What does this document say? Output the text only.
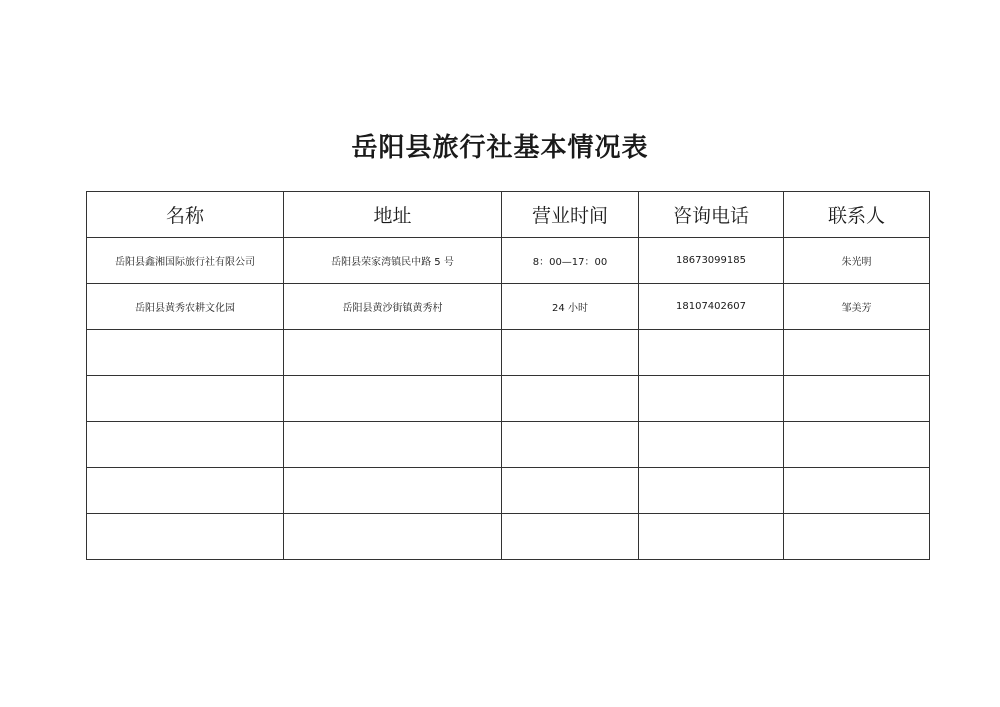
岳阳县旅行社基本情况表
名称	地址	营业时间	咨询电话	联系人
岳阳县鑫湘国际旅行社有限公司	岳阳县荣家湾镇民中路 5 号	8：00—17：00	18673099185	朱光明
岳阳县黄秀农耕文化园	岳阳县黄沙街镇黄秀村	24 小时	18107402607	邹美芳
